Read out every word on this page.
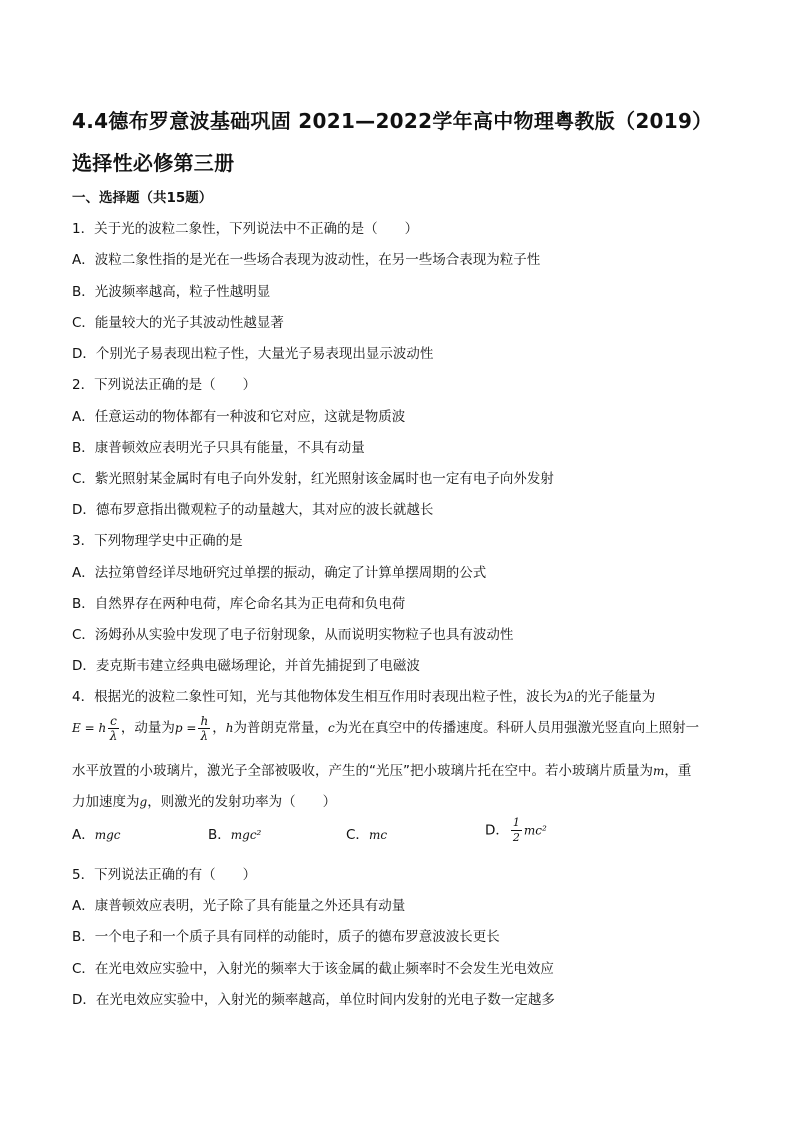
4.4德布罗意波基础巩固 2021—2022学年高中物理粤教版（2019）选择性必修第三册
一、选择题（共15题）
1．关于光的波粒二象性，下列说法中不正确的是（　　）
A．波粒二象性指的是光在一些场合表现为波动性，在另一些场合表现为粒子性
B．光波频率越高，粒子性越明显
C．能量较大的光子其波动性越显著
D．个别光子易表现出粒子性，大量光子易表现出显示波动性
2．下列说法正确的是（　　）
A．任意运动的物体都有一种波和它对应，这就是物质波
B．康普顿效应表明光子只具有能量，不具有动量
C．紫光照射某金属时有电子向外发射，红光照射该金属时也一定有电子向外发射
D．德布罗意指出微观粒子的动量越大，其对应的波长就越长
3．下列物理学史中正确的是
A．法拉第曾经详尽地研究过单摆的振动，确定了计算单摆周期的公式
B．自然界存在两种电荷，库仑命名其为正电荷和负电荷
C．汤姆孙从实验中发现了电子衍射现象，从而说明实物粒子也具有波动性
D．麦克斯韦建立经典电磁场理论，并首先捕捉到了电磁波
4．根据光的波粒二象性可知，光与其他物体发生相互作用时表现出粒子性，波长为λ的光子能量为
E = h $\frac{c}{\lambda}$ ，动量为$p = \frac{h}{\lambda}$ ，h为普朗克常量，c为光在真空中的传播速度。科研人员用强激光竖直向上照射一
水平放置的小玻璃片，激光子全部被吸收，产生的“光压”把小玻璃片托在空中。若小玻璃片质量为m，重
力加速度为g，则激光的发射功率为（　　）
A．mgc	B．mgc²	C．mc	D． $\frac{1}{2} mc^2$
5．下列说法正确的有（　　）
A．康普顿效应表明，光子除了具有能量之外还具有动量
B．一个电子和一个质子具有同样的动能时，质子的德布罗意波波长更长
C．在光电效应实验中，入射光的频率大于该金属的截止频率时不会发生光电效应
D．在光电效应实验中，入射光的频率越高，单位时间内发射的光电子数一定越多
